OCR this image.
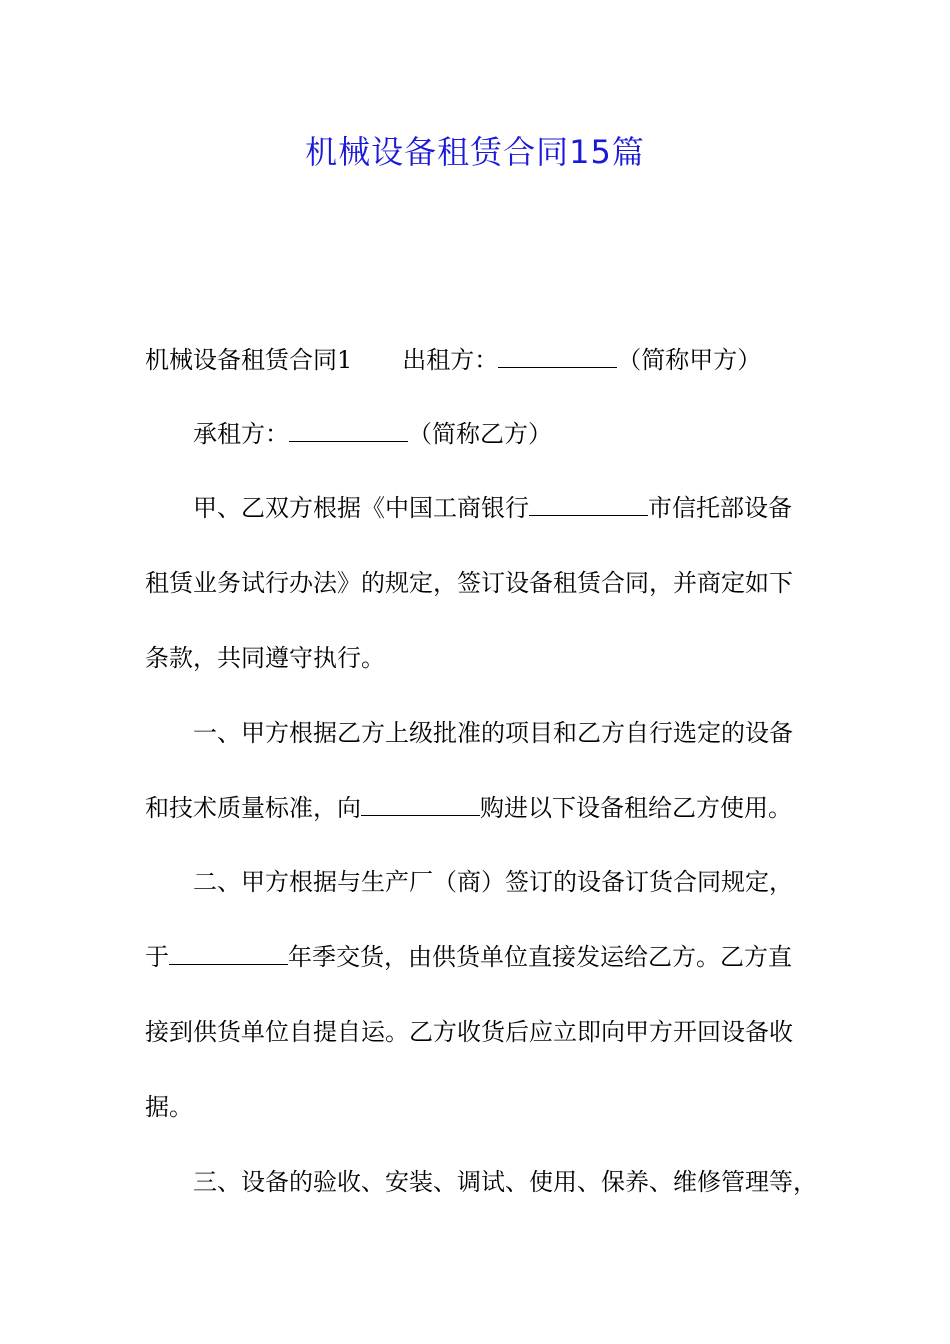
机械设备租赁合同15篇
机械设备租赁合同1 出租方：	（简称甲方）
承租方：	（简称乙方）
甲、乙双方根据《中国工商银行	市信托部设备
租赁业务试行办法》的规定，签订设备租赁合同，并商定如下
条款，共同遵守执行。
一、甲方根据乙方上级批准的项目和乙方自行选定的设备
和技术质量标准，向	购进以下设备租给乙方使用。
二、甲方根据与生产厂（商）签订的设备订货合同规定，
于	年季交货，由供货单位直接发运给乙方。乙方直
接到供货单位自提自运。乙方收货后应立即向甲方开回设备收
据。
三、设备的验收、安装、调试、使用、保养、维修管理等，
